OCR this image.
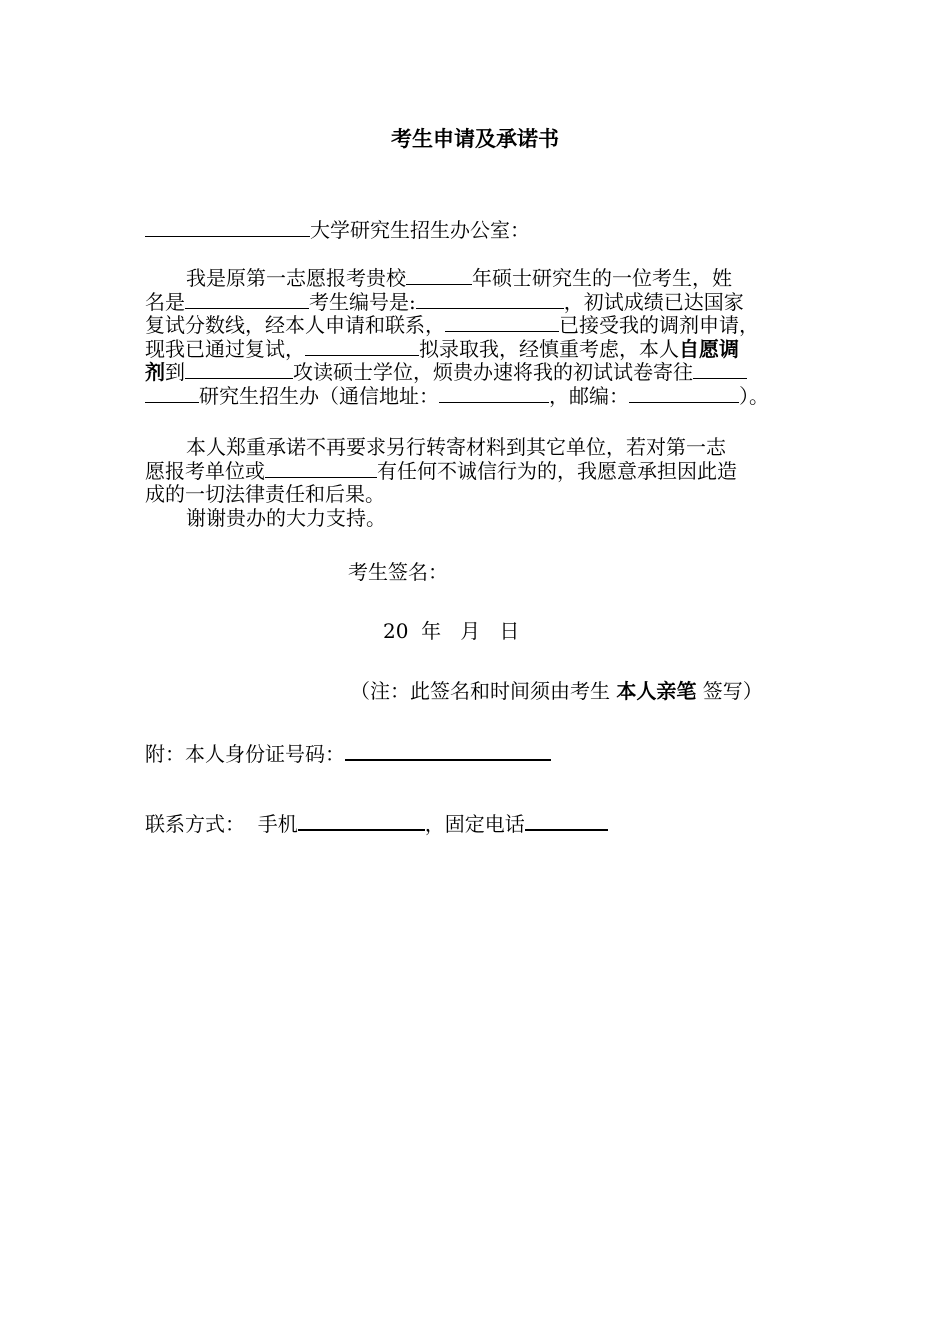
考生申请及承诺书
大学研究生招生办公室：
我是原第一志愿报考贵校	年硕士研究生的一位考生，姓
名是	考生编号是:	，初试成绩已达国家
复试分数线，经本人申请和联系，	已接受我的调剂申请，
现我已通过复试，	拟录取我，经慎重考虑，本人自愿调
剂到	攻读硕士学位，烦贵办速将我的初试试卷寄往
研究生招生办（通信地址：	，邮编：	）。
本人郑重承诺不再要求另行转寄材料到其它单位，若对第一志
愿报考单位或	有任何不诚信行为的，我愿意承担因此造
成的一切法律责任和后果。
谢谢贵办的大力支持。
考生签名：
20 年 月 日
（注：此签名和时间须由考生 本人亲笔 签写）
附：本人身份证号码：
联系方式： 手机	，固定电话
